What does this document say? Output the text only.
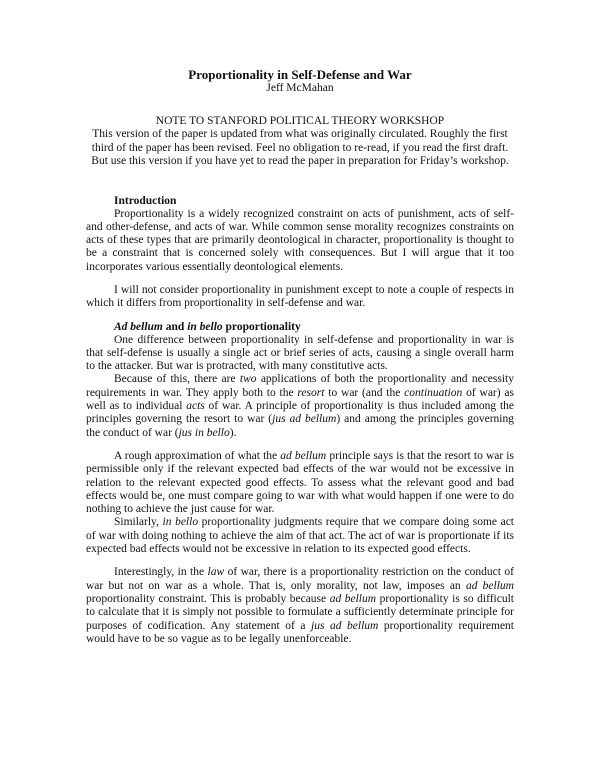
Proportionality in Self-Defense and War
Jeff McMahan
NOTE TO STANFORD POLITICAL THEORY WORKSHOP
This version of the paper is updated from what was originally circulated. Roughly the first third of the paper has been revised. Feel no obligation to re-read, if you read the first draft. But use this version if you have yet to read the paper in preparation for Friday’s workshop.
Introduction

Proportionality is a widely recognized constraint on acts of punishment, acts of self-and other-defense, and acts of war. While common sense morality recognizes constraints on acts of these types that are primarily deontological in character, proportionality is thought to be a constraint that is concerned solely with consequences. But I will argue that it too incorporates various essentially deontological elements.

I will not consider proportionality in punishment except to note a couple of respects in which it differs from proportionality in self-defense and war.

Ad bellum and in bello proportionality

One difference between proportionality in self-defense and proportionality in war is that self-defense is usually a single act or brief series of acts, causing a single overall harm to the attacker. But war is protracted, with many constitutive acts.

Because of this, there are two applications of both the proportionality and necessity requirements in war. They apply both to the resort to war (and the continuation of war) as well as to individual acts of war. A principle of proportionality is thus included among the principles governing the resort to war (jus ad bellum) and among the principles governing the conduct of war (jus in bello).

A rough approximation of what the ad bellum principle says is that the resort to war is permissible only if the relevant expected bad effects of the war would not be excessive in relation to the relevant expected good effects. To assess what the relevant good and bad effects would be, one must compare going to war with what would happen if one were to do nothing to achieve the just cause for war.

Similarly, in bello proportionality judgments require that we compare doing some act of war with doing nothing to achieve the aim of that act. The act of war is proportionate if its expected bad effects would not be excessive in relation to its expected good effects.

Interestingly, in the law of war, there is a proportionality restriction on the conduct of war but not on war as a whole. That is, only morality, not law, imposes an ad bellum proportionality constraint. This is probably because ad bellum proportionality is so difficult to calculate that it is simply not possible to formulate a sufficiently determinate principle for purposes of codification. Any statement of a jus ad bellum proportionality requirement would have to be so vague as to be legally unenforceable.
